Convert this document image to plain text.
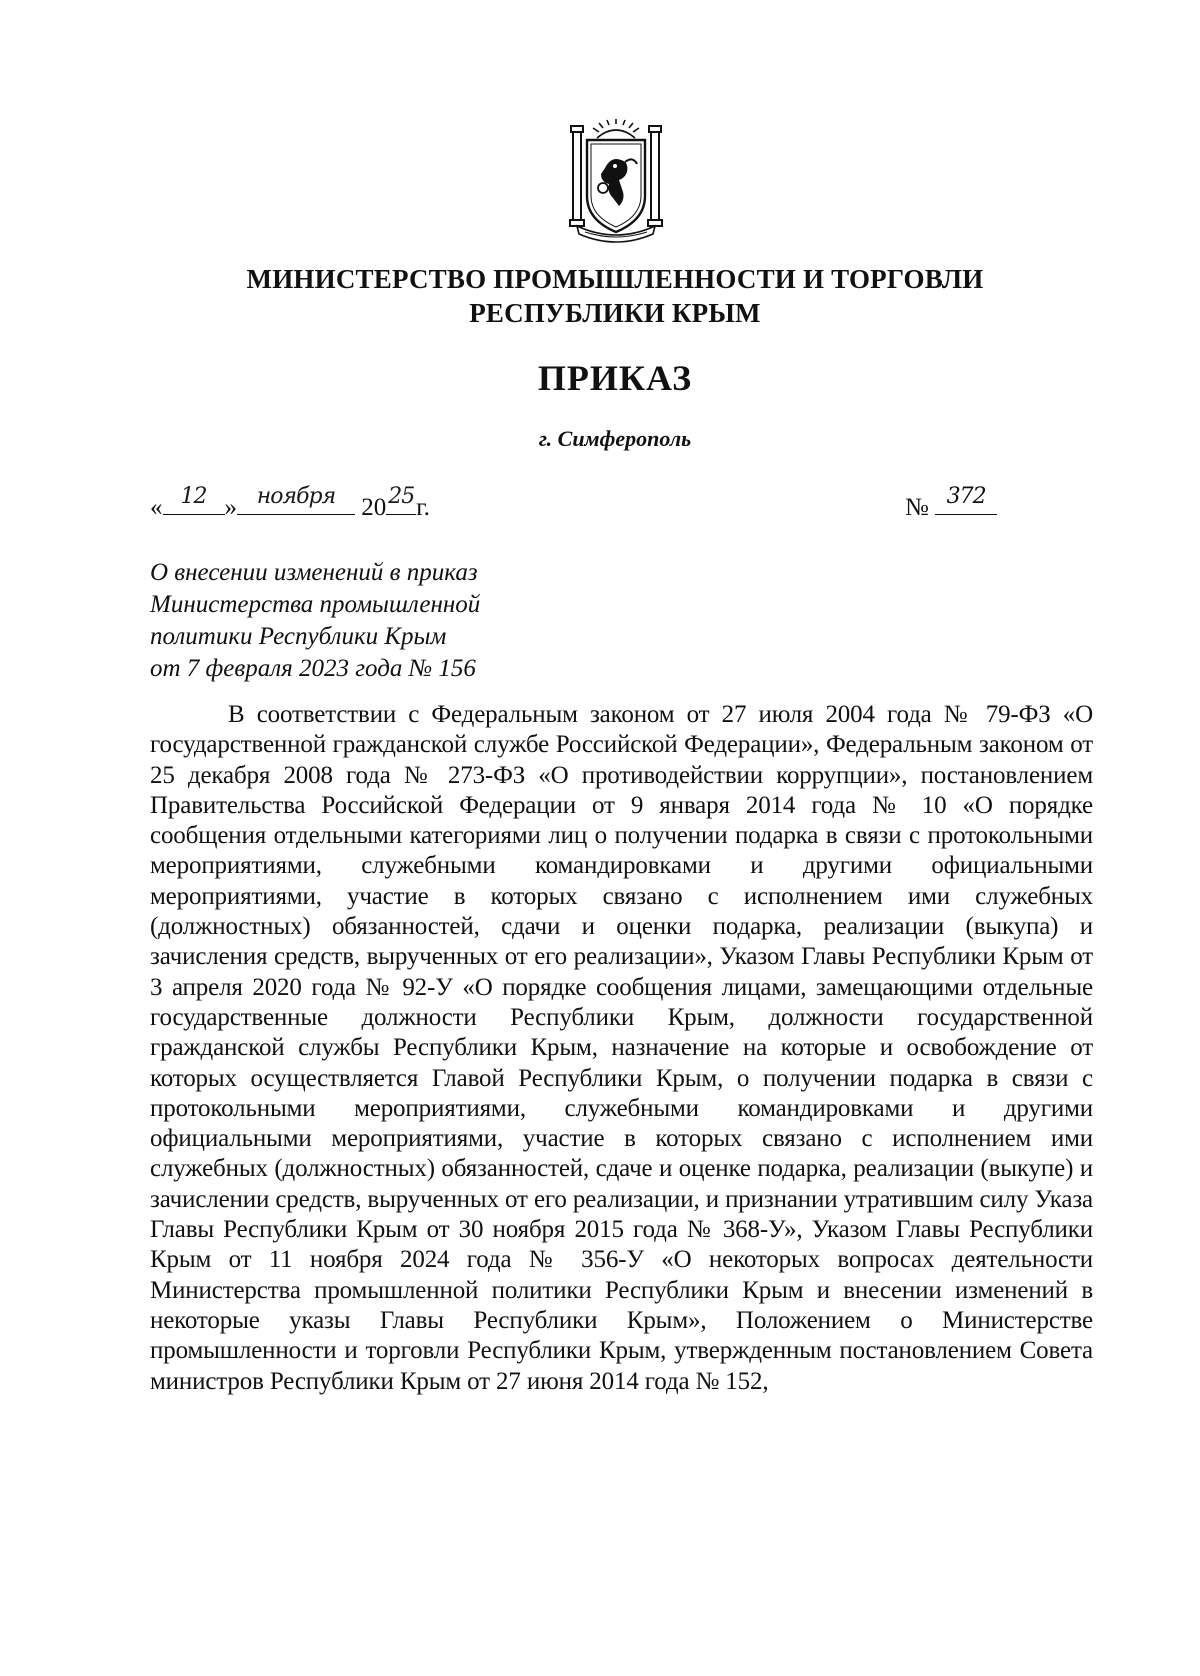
МИНИСТЕРСТВО ПРОМЫШЛЕННОСТИ И ТОРГОВЛИ
РЕСПУБЛИКИ КРЫМ
ПРИКАЗ
г. Симферополь
« 12 » ноября	20 25 г.	№ 372
О внесении изменений в приказ
Министерства промышленной
политики Республики Крым
от 7 февраля 2023 года № 156

В соответствии с Федеральным законом от 27 июля 2004 года № 79-ФЗ «О государственной гражданской службе Российской Федерации», Федеральным законом от 25 декабря 2008 года № 273-ФЗ «О противодействии коррупции», постановлением Правительства Российской Федерации от 9 января 2014 года № 10 «О порядке сообщения отдельными категориями лиц о получении подарка в связи с протокольными мероприятиями, служебными командировками и другими официальными мероприятиями, участие в которых связано с исполнением ими служебных (должностных) обязанностей, сдачи и оценки подарка, реализации (выкупа) и зачисления средств, вырученных от его реализации», Указом Главы Республики Крым от 3 апреля 2020 года № 92-У «О порядке сообщения лицами, замещающими отдельные государственные должности Республики Крым, должности государственной гражданской службы Республики Крым, назначение на которые и освобождение от которых осуществляется Главой Республики Крым, о получении подарка в связи с протокольными мероприятиями, служебными командировками и другими официальными мероприятиями, участие в которых связано с исполнением ими служебных (должностных) обязанностей, сдаче и оценке подарка, реализации (выкупе) и зачислении средств, вырученных от его реализации, и признании утратившим силу Указа Главы Республики Крым от 30 ноября 2015 года № 368-У», Указом Главы Республики Крым от 11 ноября 2024 года № 356-У «О некоторых вопросах деятельности Министерства промышленной политики Республики Крым и внесении изменений в некоторые указы Главы Республики Крым», Положением о Министерстве промышленности и торговли Республики Крым, утвержденным постановлением Совета министров Республики Крым от 27 июня 2014 года № 152,
